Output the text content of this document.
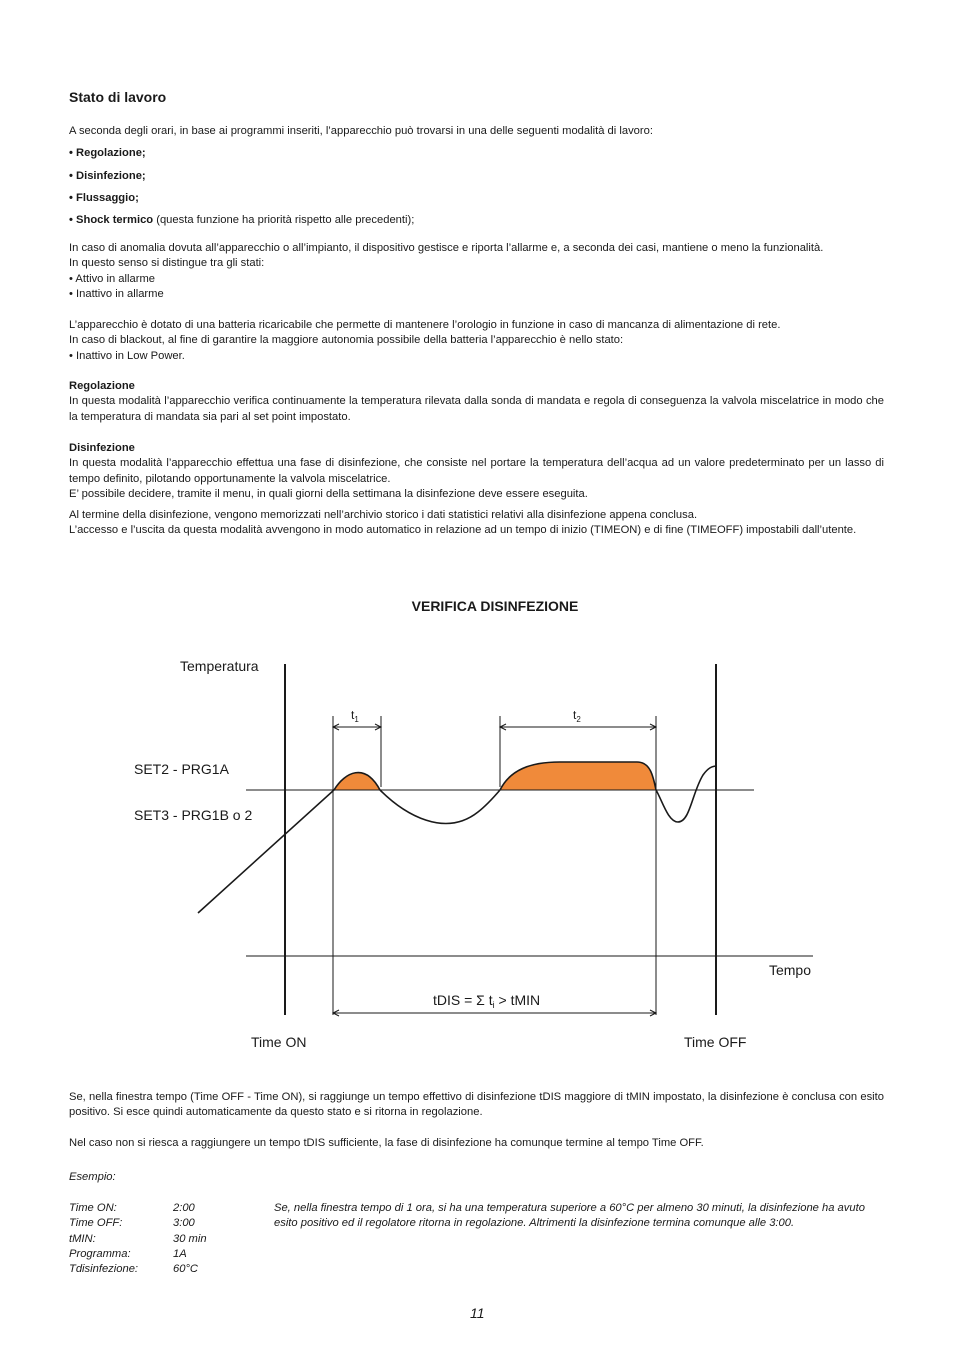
Stato di lavoro

A seconda degli orari, in base ai programmi inseriti, l’apparecchio può trovarsi in una delle seguenti modalità di lavoro:

• Regolazione;

• Disinfezione;

• Flussaggio;

• Shock termico (questa funzione ha priorità rispetto alle precedenti);

In caso di anomalia dovuta all’apparecchio o all’impianto, il dispositivo gestisce e riporta l’allarme e, a seconda dei casi, mantiene o meno la funzionalità.

In questo senso si distingue tra gli stati:

• Attivo in allarme

• Inattivo in allarme

L’apparecchio è dotato di una batteria ricaricabile che permette di mantenere l’orologio in funzione in caso di mancanza di alimentazione di rete.

In caso di blackout, al fine di garantire la maggiore autonomia possibile della batteria l’apparecchio è nello stato:

• Inattivo in Low Power.

Regolazione

In questa modalità l’apparecchio verifica continuamente la temperatura rilevata dalla sonda di mandata e regola di conseguenza la valvola miscelatrice in modo che la temperatura di mandata sia pari al set point impostato.

Disinfezione

In questa modalità l’apparecchio effettua una fase di disinfezione, che consiste nel portare la temperatura dell’acqua ad un valore predeterminato per un lasso di tempo definito, pilotando opportunamente la valvola miscelatrice.

E’ possibile decidere, tramite il menu, in quali giorni della settimana la disinfezione deve essere eseguita.

Al termine della disinfezione, vengono memorizzati nell’archivio storico i dati statistici relativi alla disinfezione appena conclusa.

L’accesso e l’uscita da questa modalità avvengono in modo automatico in relazione ad un tempo di inizio (TIMEON) e di fine (TIMEOFF) impostabili dall’utente.

VERIFICA DISINFEZIONE
Temperatura
SET2 - PRG1A
SET3 - PRG1B o 2
Tempo
Time ON	Time OFF
$t_1$	$t_2$
tDIS = Σ $t_i$ > tMIN

Se, nella finestra tempo (Time OFF - Time ON), si raggiunge un tempo effettivo di disinfezione tDIS maggiore di tMIN impostato, la disinfezione è conclusa con esito positivo. Si esce quindi automaticamente da questo stato e si ritorna in regolazione.

Nel caso non si riesca a raggiungere un tempo tDIS sufficiente, la fase di disinfezione ha comunque termine al tempo Time OFF.

Esempio:
Time ON:	2:00
Time OFF:	3:00
tMIN:	30 min
Programma:	1A
Tdisinfezione:	60°C
Se, nella finestra tempo di 1 ora, si ha una temperatura superiore a 60°C per almeno 30 minuti, la disinfezione ha avuto esito positivo ed il regolatore ritorna in regolazione. Altrimenti la disinfezione termina comunque alle 3:00.
11
